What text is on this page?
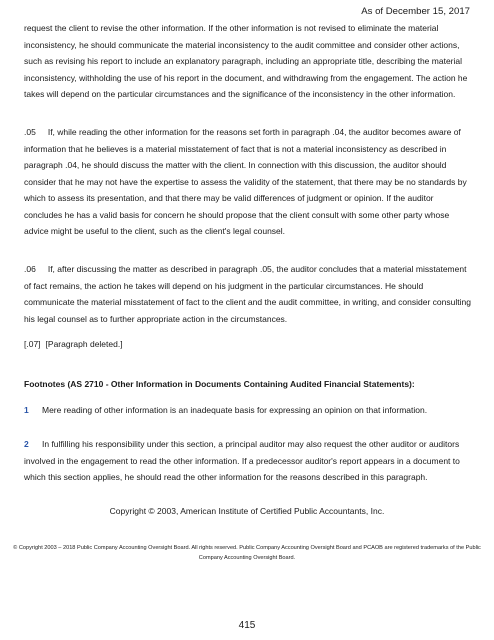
As of December 15, 2017

request the client to revise the other information. If the other information is not revised to eliminate the material inconsistency, he should communicate the material inconsistency to the audit committee and consider other actions, such as revising his report to include an explanatory paragraph, including an appropriate title, describing the material inconsistency, withholding the use of his report in the document, and withdrawing from the engagement. The action he takes will depend on the particular circumstances and the significance of the inconsistency in the other information.

.05 If, while reading the other information for the reasons set forth in paragraph .04, the auditor becomes aware of information that he believes is a material misstatement of fact that is not a material inconsistency as described in paragraph .04, he should discuss the matter with the client. In connection with this discussion, the auditor should consider that he may not have the expertise to assess the validity of the statement, that there may be no standards by which to assess its presentation, and that there may be valid differences of judgment or opinion. If the auditor concludes he has a valid basis for concern he should propose that the client consult with some other party whose advice might be useful to the client, such as the client's legal counsel.

.06 If, after discussing the matter as described in paragraph .05, the auditor concludes that a material misstatement of fact remains, the action he takes will depend on his judgment in the particular circumstances. He should communicate the material misstatement of fact to the client and the audit committee, in writing, and consider consulting his legal counsel as to further appropriate action in the circumstances.

[.07] [Paragraph deleted.]

Footnotes (AS 2710 - Other Information in Documents Containing Audited Financial Statements):

1 Mere reading of other information is an inadequate basis for expressing an opinion on that information.

2 In fulfilling his responsibility under this section, a principal auditor may also request the other auditor or auditors involved in the engagement to read the other information. If a predecessor auditor's report appears in a document to which this section applies, he should read the other information for the reasons described in this paragraph.

Copyright © 2003, American Institute of Certified Public Accountants, Inc.
© Copyright 2003 – 2018 Public Company Accounting Oversight Board. All rights reserved. Public Company Accounting Oversight Board and PCAOB are registered trademarks of the Public Company Accounting Oversight Board.
415
